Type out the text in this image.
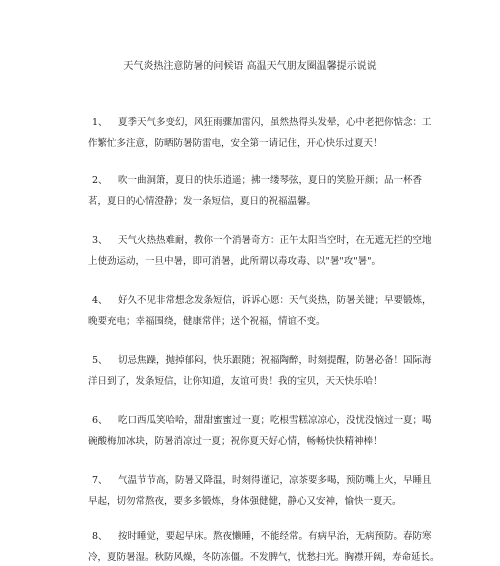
天气炎热注意防暑的问候语 高温天气朋友圈温馨提示说说
1、 夏季天气多变幻，风狂雨骤加雷闪，虽然热得头发晕，心中老把你惦念：工作繁忙多注意，防晒防暑防雷电，安全第一请记住，开心快乐过夏天！
2、 吹一曲洞箫，夏日的快乐逍遥；拂一缕琴弦，夏日的笑脸开颜；品一杯香茗，夏日的心情澄静；发一条短信，夏日的祝福温馨。
3、 天气火热热难耐，教你一个消暑奇方：正午太阳当空时，在无遮无拦的空地上使劲运动，一旦中暑，即可消暑，此所谓以毒攻毒、以"暑"攻"暑"。
4、 好久不见非常想念发条短信，诉诉心愿：天气炎热，防暑关键；早要锻炼，晚要充电；幸福围绕，健康常伴；送个祝福，情谊不变。
5、 切忌焦躁，抛掉郁闷，快乐跟随；祝福陶醉，时刻提醒，防暑必备！国际海洋日到了，发条短信，让你知道，友谊可贵！我的宝贝，天天快乐哈！
6、 吃口西瓜笑哈哈，甜甜蜜蜜过一夏；吃根雪糕凉凉心，没忧没恼过一夏；喝碗酸梅加冰块，防暑消凉过一夏；祝你夏天好心情，畅畅快快精神棒！
7、 气温节节高，防暑又降温，时刻得谨记，凉茶要多喝，预防嘴上火，早睡且早起，切勿常熬夜，要多多锻炼，身体强健健，静心又安神，愉快一夏天。
8、 按时睡觉，要起早床。熬夜懒睡，不能经常。有病早治，无病预防。春防寒冷，夏防暑湿。秋防风燥，冬防冻僵。不发脾气，忧愁扫光。胸襟开阔，寿命延长。
